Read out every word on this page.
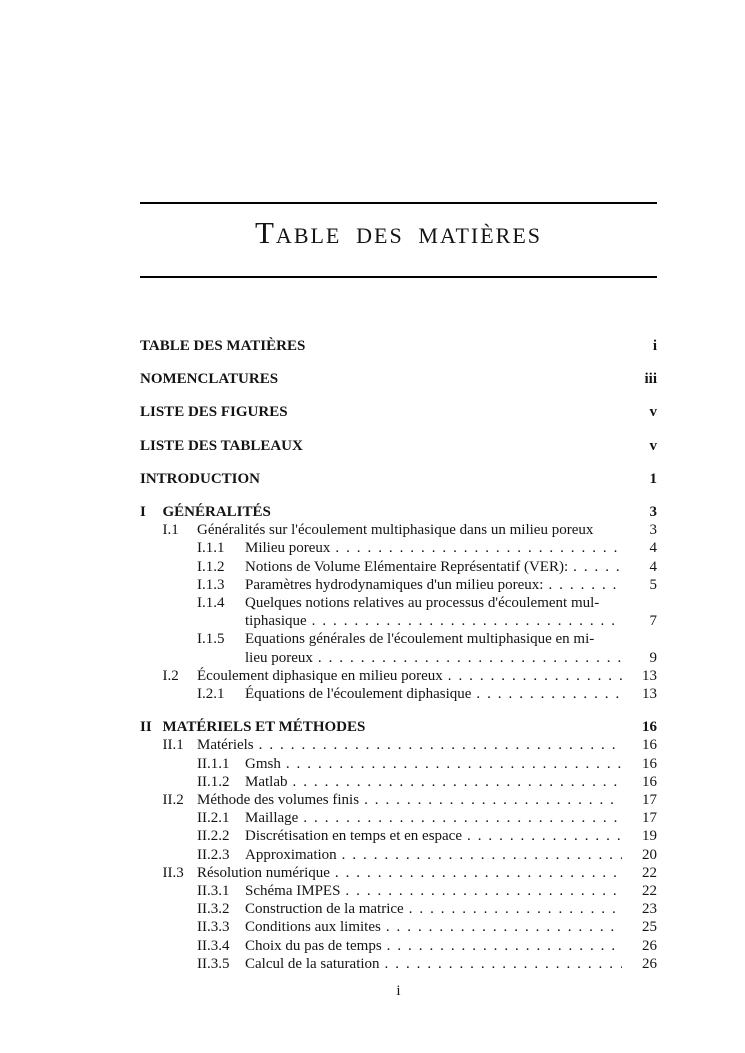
Table des matières
TABLE DES MATIÈRES	i
NOMENCLATURES	iii
LISTE DES FIGURES	v
LISTE DES TABLEAUX	v
INTRODUCTION	1
I	GÉNÉRALITÉS	3
I.1	Généralités sur l'écoulement multiphasique dans un milieu poreux	3
I.1.1	Milieu poreux . . .	4
I.1.2	Notions de Volume Elémentaire Représentatif (VER): . . .	4
I.1.3	Paramètres hydrodynamiques d'un milieu poreux: . . .	5
I.1.4	Quelques notions relatives au processus d'écoulement mul-
tiphasique . . .	7
I.1.5	Equations générales de l'écoulement multiphasique en mi-
lieu poreux . . .	9
I.2	Écoulement diphasique en milieu poreux . . .	13
I.2.1	Équations de l'écoulement diphasique . . .	13
II MATÉRIELS ET MÉTHODES	16
II.1 Matériels . . .	16
II.1.1	Gmsh . . .	16
II.1.2	Matlab . . .	16
II.2 Méthode des volumes finis . . .	17
II.2.1	Maillage . . .	17
II.2.2	Discrétisation en temps et en espace . . .	19
II.2.3	Approximation . . .	20
II.3 Résolution numérique . . .	22
II.3.1	Schéma IMPES . . .	22
II.3.2	Construction de la matrice . . .	23
II.3.3	Conditions aux limites . . .	25
II.3.4	Choix du pas de temps . . .	26
II.3.5	Calcul de la saturation . . .	26
i
